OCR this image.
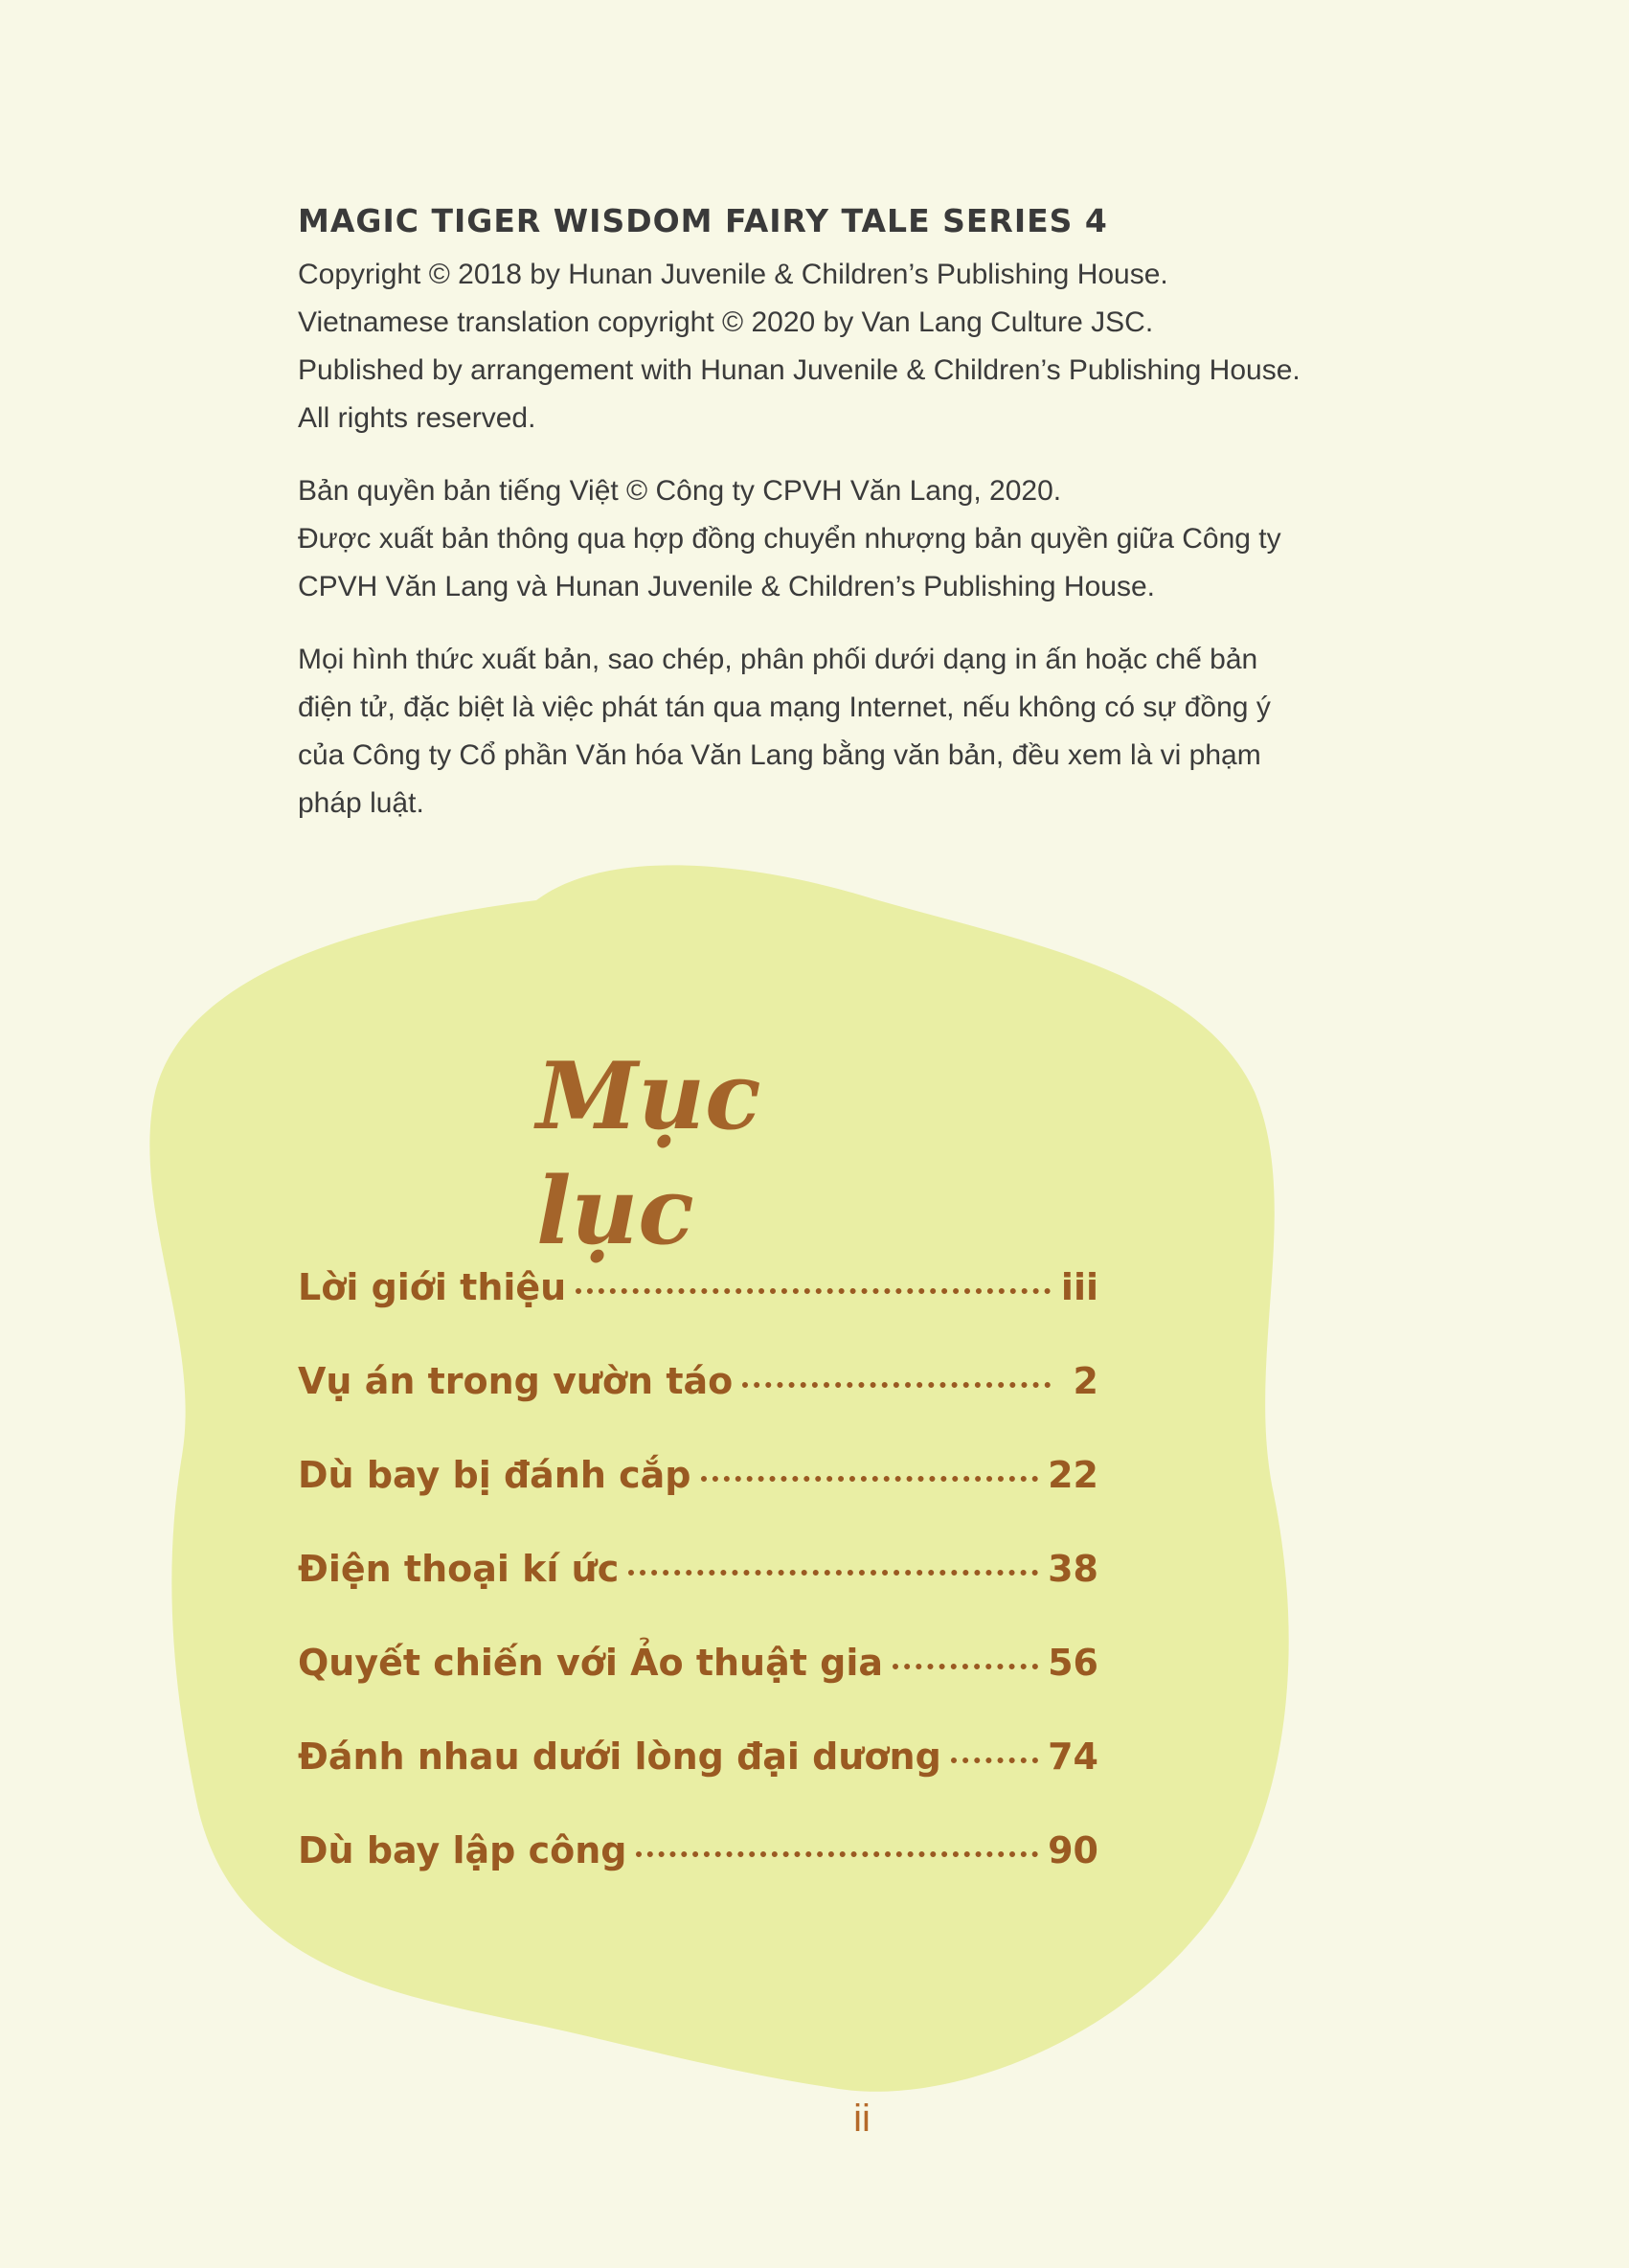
MAGIC TIGER WISDOM FAIRY TALE SERIES 4

Copyright © 2018 by Hunan Juvenile & Children’s Publishing House.

Vietnamese translation copyright © 2020 by Van Lang Culture JSC.

Published by arrangement with Hunan Juvenile & Children’s Publishing House.

All rights reserved.

Bản quyền bản tiếng Việt © Công ty CPVH Văn Lang, 2020.

Được xuất bản thông qua hợp đồng chuyển nhượng bản quyền giữa Công ty

CPVH Văn Lang và Hunan Juvenile & Children’s Publishing House.

Mọi hình thức xuất bản, sao chép, phân phối dưới dạng in ấn hoặc chế bản

điện tử, đặc biệt là việc phát tán qua mạng Internet, nếu không có sự đồng ý

của Công ty Cổ phần Văn hóa Văn Lang bằng văn bản, đều xem là vi phạm

pháp luật.

Mục lục
Lời giới thiệu	iii
Vụ án trong vườn táo	2
Dù bay bị đánh cắp	22
Điện thoại kí ức	38
Quyết chiến với Ảo thuật gia	56
Đánh nhau dưới lòng đại dương	74
Dù bay lập công	90
ii
